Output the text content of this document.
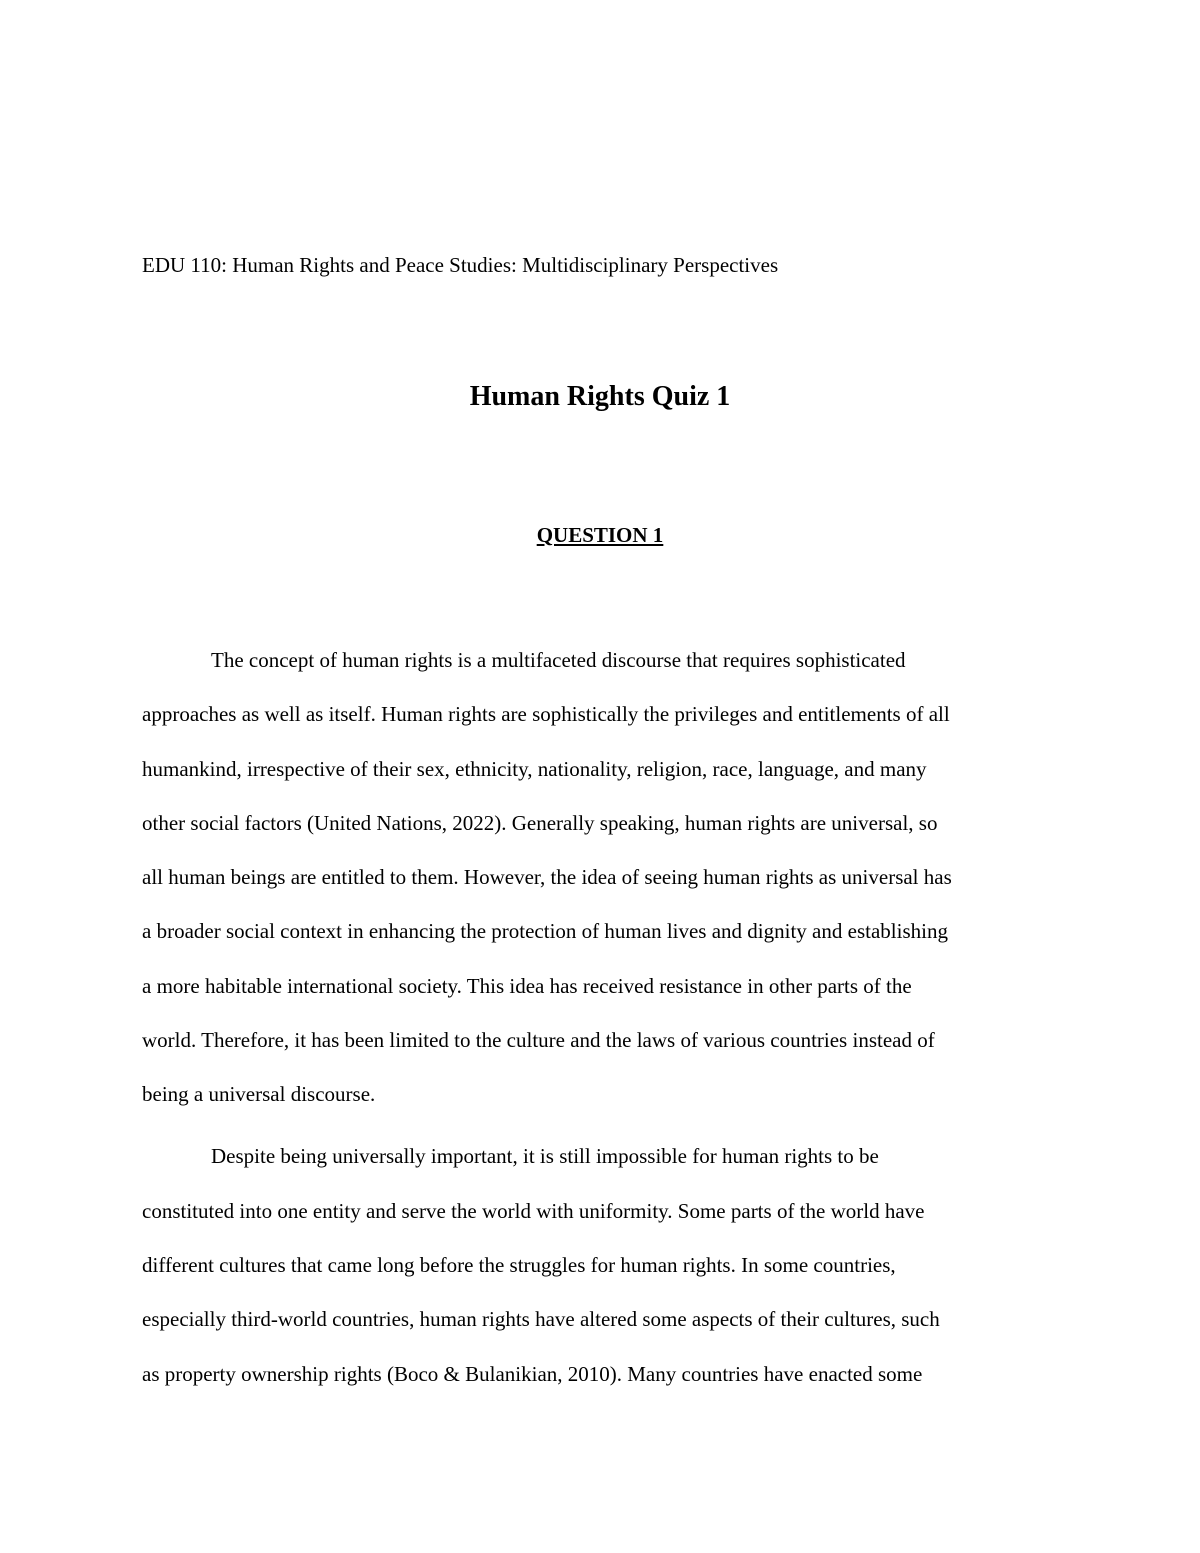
EDU 110: Human Rights and Peace Studies: Multidisciplinary Perspectives
Human Rights Quiz 1
QUESTION 1
The concept of human rights is a multifaceted discourse that requires sophisticated
approaches as well as itself. Human rights are sophistically the privileges and entitlements of all
humankind, irrespective of their sex, ethnicity, nationality, religion, race, language, and many
other social factors (United Nations, 2022). Generally speaking, human rights are universal, so
all human beings are entitled to them. However, the idea of seeing human rights as universal has
a broader social context in enhancing the protection of human lives and dignity and establishing
a more habitable international society. This idea has received resistance in other parts of the
world. Therefore, it has been limited to the culture and the laws of various countries instead of
being a universal discourse.
Despite being universally important, it is still impossible for human rights to be
constituted into one entity and serve the world with uniformity. Some parts of the world have
different cultures that came long before the struggles for human rights. In some countries,
especially third-world countries, human rights have altered some aspects of their cultures, such
as property ownership rights (Boco & Bulanikian, 2010). Many countries have enacted some
